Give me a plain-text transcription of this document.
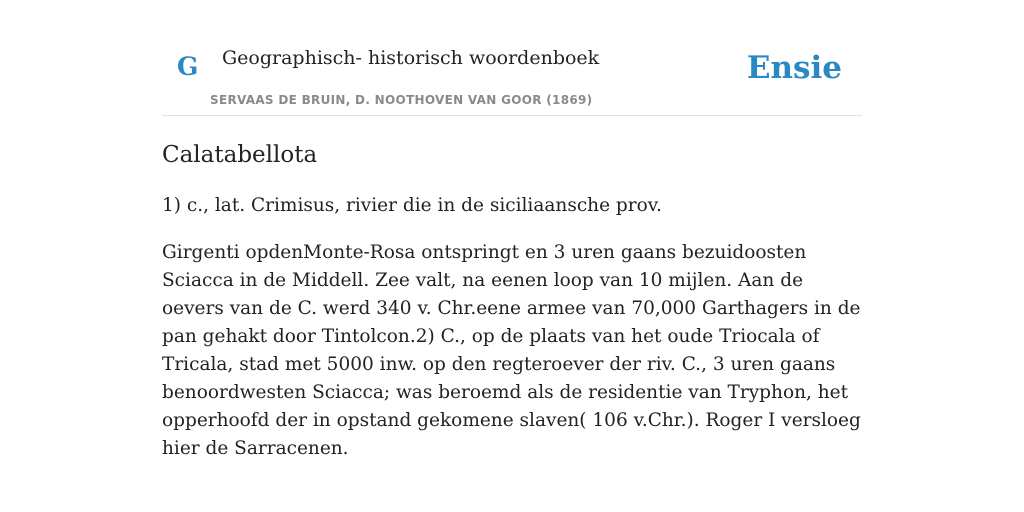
G Geographisch- historisch woordenboek
SERVAAS DE BRUIN, D. NOOTHOVEN VAN GOOR (1869)
Ensie
Calatabellota

1) c., lat. Crimisus, rivier die in de siciliaansche prov.

Girgenti opdenMonte-Rosa ontspringt en 3 uren gaans bezuidoosten Sciacca in de Middell. Zee valt, na eenen loop van 10 mijlen. Aan de oevers van de C. werd 340 v. Chr.eene armee van 70,000 Garthagers in de pan gehakt door Tintolcon.2) C., op de plaats van het oude Triocala of Tricala, stad met 5000 inw. op den regteroever der riv. C., 3 uren gaans benoordwesten Sciacca; was beroemd als de residentie van Tryphon, het opperhoofd der in opstand gekomene slaven( 106 v.Chr.). Roger I versloeg hier de Sarracenen.
